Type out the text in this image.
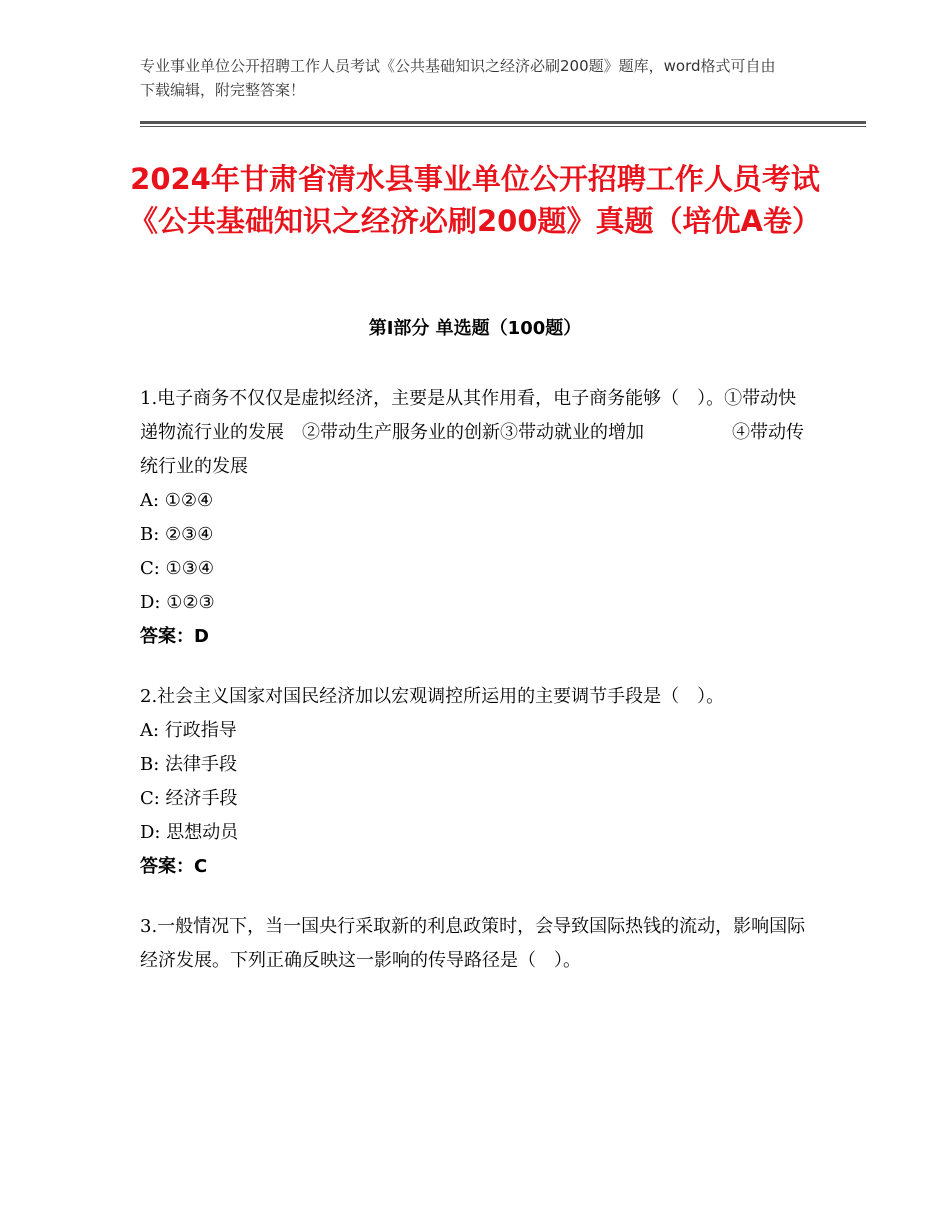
专业事业单位公开招聘工作人员考试《公共基础知识之经济必刷200题》题库，word格式可自由下载编辑，附完整答案！
2024年甘肃省清水县事业单位公开招聘工作人员考试《公共基础知识之经济必刷200题》真题（培优A卷）
第Ⅰ部分 单选题（100题）

1.电子商务不仅仅是虚拟经济，主要是从其作用看，电子商务能够（　）。①带动快递物流行业的发展　②带动生产服务业的创新③带动就业的增加	④带动传统行业的发展

A: ①②④

B: ②③④

C: ①③④

D: ①②③

答案：D

2.社会主义国家对国民经济加以宏观调控所运用的主要调节手段是（　）。

A: 行政指导

B: 法律手段

C: 经济手段

D: 思想动员

答案：C

3.一般情况下，当一国央行采取新的利息政策时，会导致国际热钱的流动，影响国际经济发展。下列正确反映这一影响的传导路径是（　）。
